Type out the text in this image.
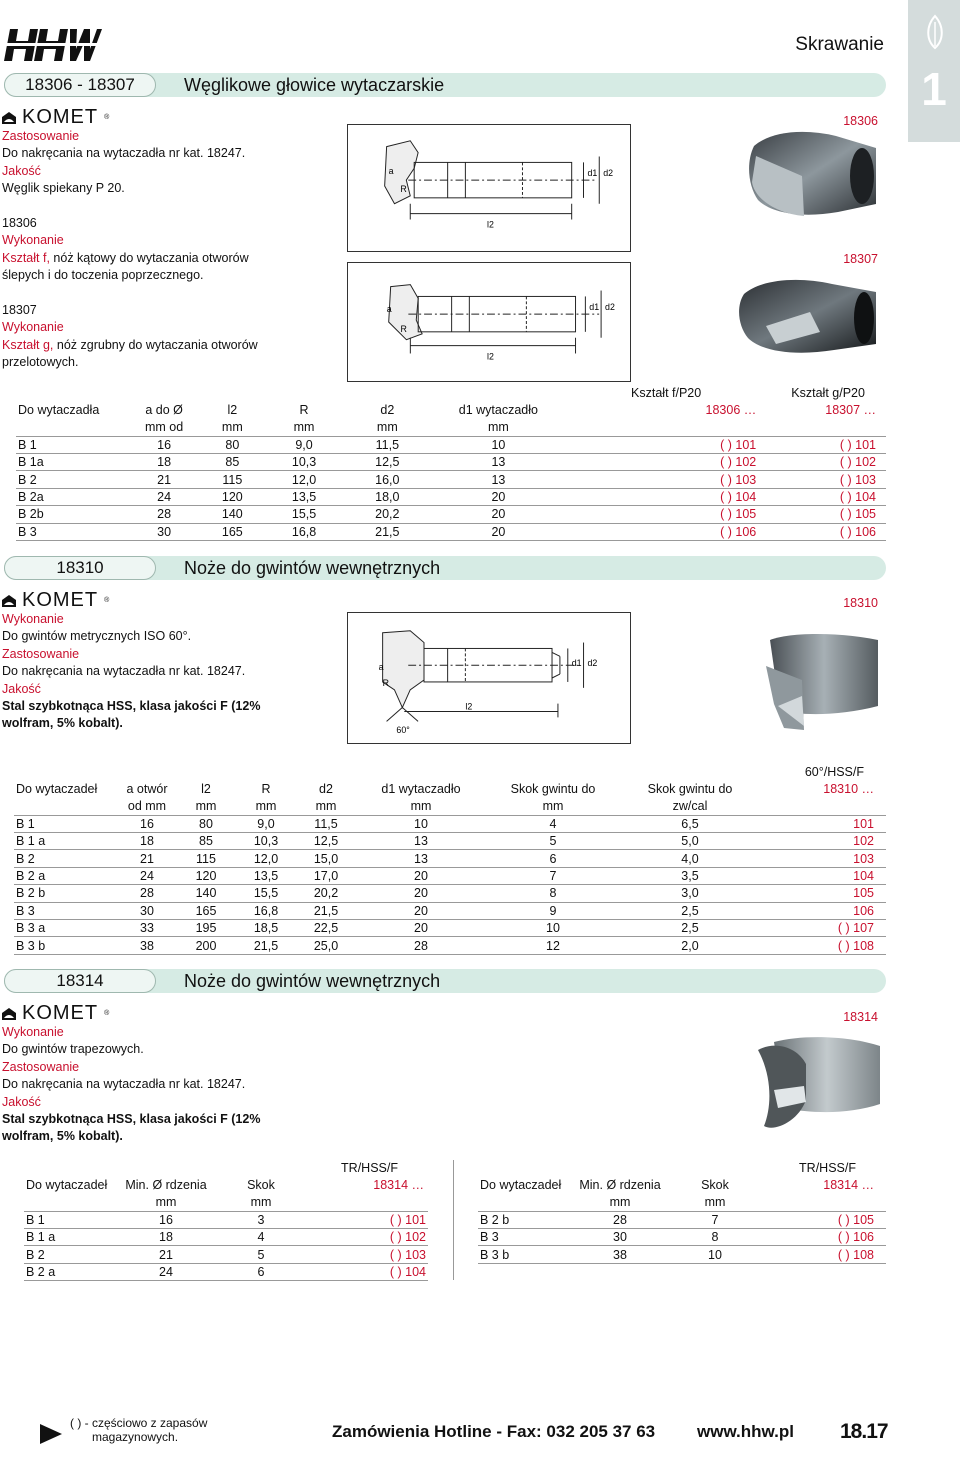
Skrawanie
1
18306 - 18307	Węglikowe głowice wytaczarskie
KOMET ®
Zastosowanie
Do nakręcania na wytaczadła nr kat. 18247.
Jakość
Węglik spiekany P 20.
18306
Wykonanie
Kształt f, nóż kątowy do wytaczania otworów
ślepych i do toczenia poprzecznego.
18307
Wykonanie
Kształt g, nóż zgrubny do wytaczania otworów
przelotowych.
a
R
l2
d1 d2
a
R
l2
d1 d2
18306
18307
						Kształt f/P20	Kształt g/P20
Do wytaczadła	a do Ø	l2	R	d2	d1 wytaczadło	18306 …	18307 …
	mm od	mm	mm	mm	mm		
B 1	16	80	9,0	11,5	10	( ) 101	( ) 101
B 1a	18	85	10,3	12,5	13	( ) 102	( ) 102
B 2	21	115	12,0	16,0	13	( ) 103	( ) 103
B 2a	24	120	13,5	18,0	20	( ) 104	( ) 104
B 2b	28	140	15,5	20,2	20	( ) 105	( ) 105
B 3	30	165	16,8	21,5	20	( ) 106	( ) 106
18310	Noże do gwintów wewnętrznych
KOMET ®	18310
Wykonanie
Do gwintów metrycznych ISO 60°.
Zastosowanie
Do nakręcania na wytaczadła nr kat. 18247.
Jakość
Stal szybkotnąca HSS, klasa jakości F (12%
wolfram, 5% kobalt).
a
R
l2
60°
d1 d2
								60°/HSS/F
Do wytaczadeł	a otwór	l2	R	d2	d1 wytaczadło	Skok gwintu do	Skok gwintu do	18310 …
	od mm	mm	mm	mm	mm	mm	zw/cal	
B 1	16	80	9,0	11,5	10	4	6,5	101
B 1 a	18	85	10,3	12,5	13	5	5,0	102
B 2	21	115	12,0	15,0	13	6	4,0	103
B 2 a	24	120	13,5	17,0	20	7	3,5	104
B 2 b	28	140	15,5	20,2	20	8	3,0	105
B 3	30	165	16,8	21,5	20	9	2,5	106
B 3 a	33	195	18,5	22,5	20	10	2,5	( ) 107
B 3 b	38	200	21,5	25,0	28	12	2,0	( ) 108
18314	Noże do gwintów wewnętrznych
KOMET ®	18314
Wykonanie
Do gwintów trapezowych.
Zastosowanie
Do nakręcania na wytaczadła nr kat. 18247.
Jakość
Stal szybkotnąca HSS, klasa jakości F (12%
wolfram, 5% kobalt).
			TR/HSS/F
Do wytaczadeł	Min. Ø rdzenia	Skok	18314 …
	mm	mm	
B 1	16	3	( ) 101
B 1 a	18	4	( ) 102
B 2	21	5	( ) 103
B 2 a	24	6	( ) 104
			TR/HSS/F
Do wytaczadeł	Min. Ø rdzenia	Skok	18314 …
	mm	mm	
B 2 b	28	7	( ) 105
B 3	30	8	( ) 106
B 3 b	38	10	( ) 108
( ) - częściowo z zapasów
magazynowych.	Zamówienia Hotline - Fax: 032 205 37 63 www.hhw.pl 18.17
